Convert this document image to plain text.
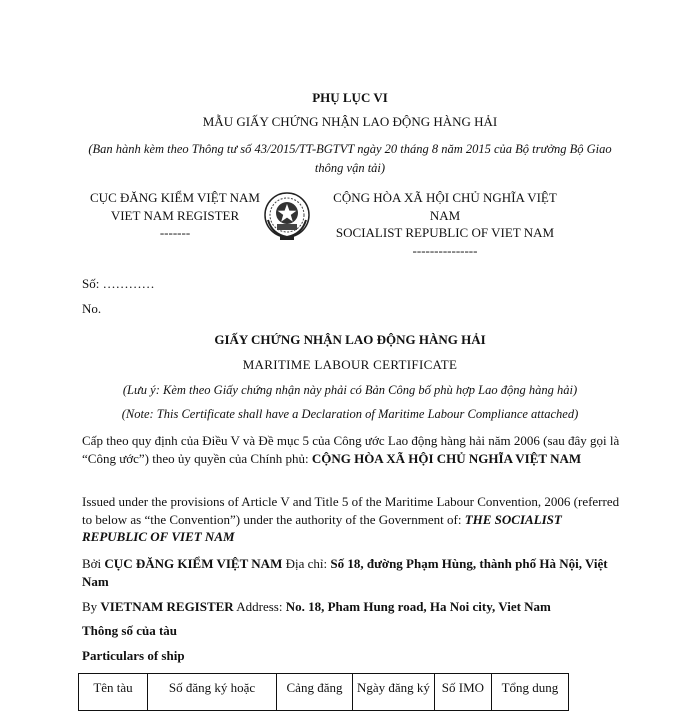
PHỤ LỤC VI
MẪU GIẤY CHỨNG NHẬN LAO ĐỘNG HÀNG HẢI
(Ban hành kèm theo Thông tư số 43/2015/TT-BGTVT ngày 20 tháng 8 năm 2015 của Bộ trưởng Bộ Giao thông vận tải)
CỤC ĐĂNG KIỂM VIỆT NAM
VIET NAM REGISTER
-------
CỘNG HÒA XÃ HỘI CHỦ NGHĨA VIỆT NAM
SOCIALIST REPUBLIC OF VIET NAM
---------------
Số: …………
No.
GIẤY CHỨNG NHẬN LAO ĐỘNG HÀNG HẢI
MARITIME LABOUR CERTIFICATE
(Lưu ý: Kèm theo Giấy chứng nhận này phải có Bản Công bố phù hợp Lao động hàng hải)
(Note: This Certificate shall have a Declaration of Maritime Labour Compliance attached)
Cấp theo quy định của Điều V và Đề mục 5 của Công ước Lao động hàng hải năm 2006 (sau đây gọi là “Công ước”) theo ủy quyền của Chính phủ: CỘNG HÒA XÃ HỘI CHỦ NGHĨA VIỆT NAM
Issued under the provisions of Article V and Title 5 of the Maritime Labour Convention, 2006 (referred to below as “the Convention”) under the authority of the Government of: THE SOCIALIST REPUBLIC OF VIET NAM
Bởi CỤC ĐĂNG KIỂM VIỆT NAM Địa chỉ: Số 18, đường Phạm Hùng, thành phố Hà Nội, Việt Nam
By VIETNAM REGISTER Address: No. 18, Pham Hung road, Ha Noi city, Viet Nam
Thông số của tàu
Particulars of ship
Tên tàu	Số đăng ký hoặc	Cảng đăng	Ngày đăng ký	Số IMO	Tổng dung
